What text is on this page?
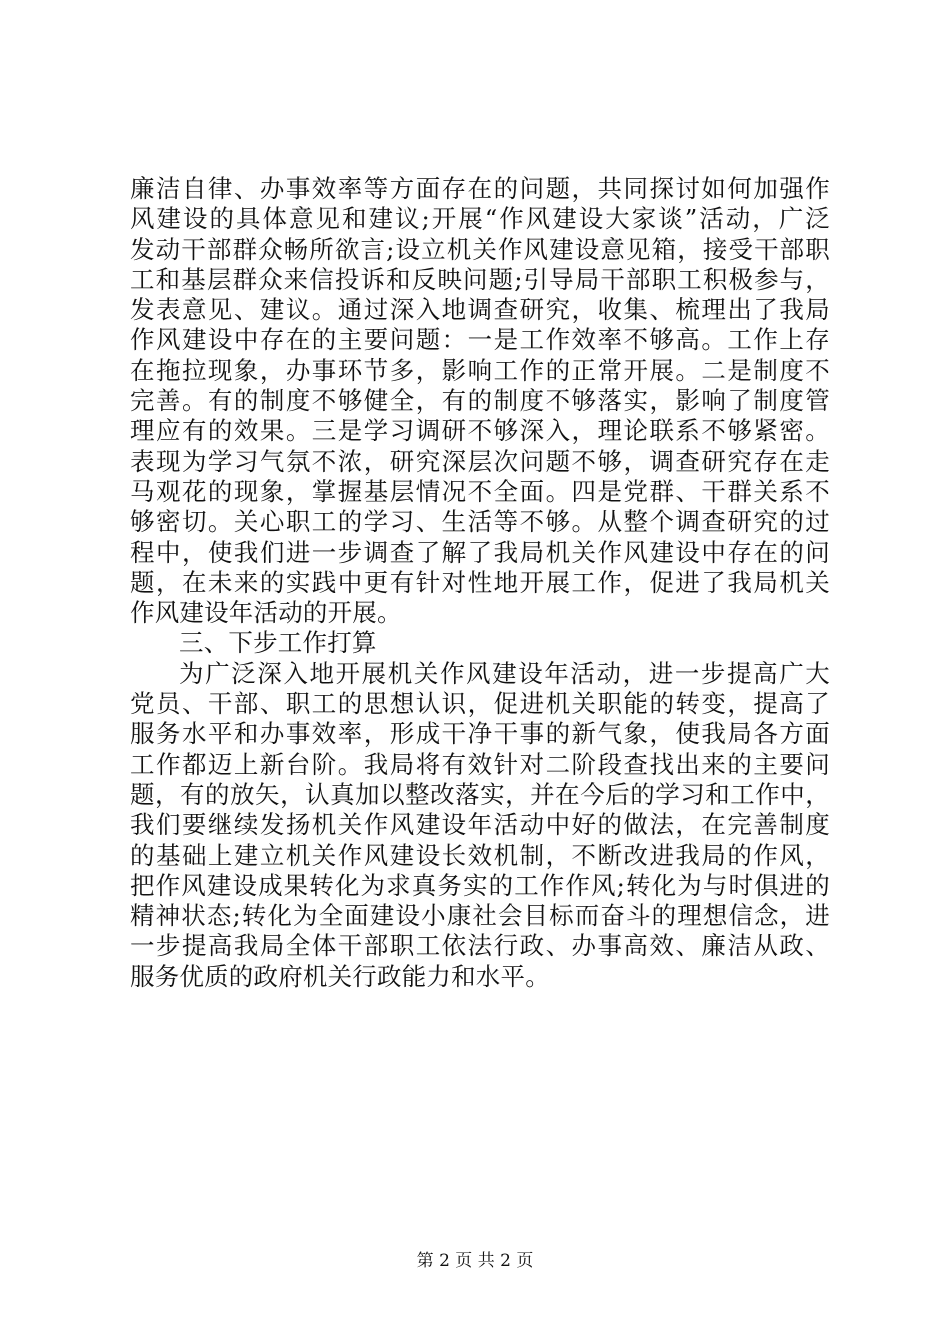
廉洁自律、办事效率等方面存在的问题，共同探讨如何加强作
风建设的具体意见和建议;开展“作风建设大家谈”活动，广泛
发动干部群众畅所欲言;设立机关作风建设意见箱，接受干部职
工和基层群众来信投诉和反映问题;引导局干部职工积极参与，
发表意见、建议。通过深入地调查研究，收集、梳理出了我局
作风建设中存在的主要问题：一是工作效率不够高。工作上存
在拖拉现象，办事环节多，影响工作的正常开展。二是制度不
完善。有的制度不够健全，有的制度不够落实，影响了制度管
理应有的效果。三是学习调研不够深入，理论联系不够紧密。
表现为学习气氛不浓，研究深层次问题不够，调查研究存在走
马观花的现象，掌握基层情况不全面。四是党群、干群关系不
够密切。关心职工的学习、生活等不够。从整个调查研究的过
程中，使我们进一步调查了解了我局机关作风建设中存在的问
题，在未来的实践中更有针对性地开展工作，促进了我局机关
作风建设年活动的开展。
三、下步工作打算
为广泛深入地开展机关作风建设年活动，进一步提高广大
党员、干部、职工的思想认识，促进机关职能的转变，提高了
服务水平和办事效率，形成干净干事的新气象，使我局各方面
工作都迈上新台阶。我局将有效针对二阶段查找出来的主要问
题，有的放矢，认真加以整改落实，并在今后的学习和工作中，
我们要继续发扬机关作风建设年活动中好的做法，在完善制度
的基础上建立机关作风建设长效机制，不断改进我局的作风，
把作风建设成果转化为求真务实的工作作风;转化为与时俱进的
精神状态;转化为全面建设小康社会目标而奋斗的理想信念，进
一步提高我局全体干部职工依法行政、办事高效、廉洁从政、
服务优质的政府机关行政能力和水平。
第 2 页 共 2 页
